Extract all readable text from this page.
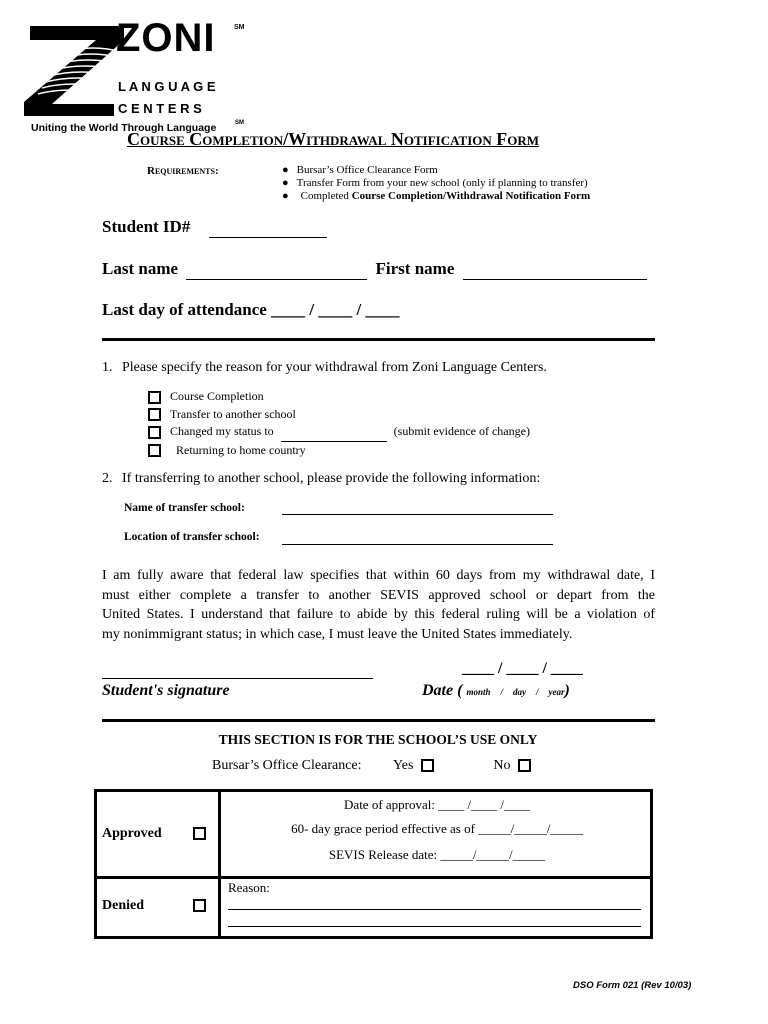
ZONI	SM
L A N G U A G E
C E N T E R S
Uniting the World Through Language	SM
Course Completion/Withdrawal Notification Form
Requirements:	● Bursar’s Office Clearance Form
● Transfer Form from your new school (only if planning to transfer)
● Completed Course Completion/Withdrawal Notification Form
Student ID#
Last name	First name
Last day of attendance ____ / ____ / ____
1. Please specify the reason for your withdrawal from Zoni Language Centers.
Course Completion
Transfer to another school
Changed my status to	(submit evidence of change)
Returning to home country
2. If transferring to another school, please provide the following information:
Name of transfer school:
Location of transfer school:
I am fully aware that federal law specifies that within 60 days from my withdrawal date, I
must either complete a transfer to another SEVIS approved school or depart from the
United States. I understand that failure to abide by this federal ruling will be a violation of
my nonimmigrant status; in which case, I must leave the United States immediately.
Student's signature
____ / ____ / ____
Date ( month / day / year)
THIS SECTION IS FOR THE SCHOOL’S USE ONLY
Bursar’s Office Clearance: Yes	No
Approved
Date of approval: ____ /____ /____
60- day grace period effective as of _____/_____/_____
SEVIS Release date: _____/_____/_____
Denied
Reason:
DSO Form 021 (Rev 10/03)
